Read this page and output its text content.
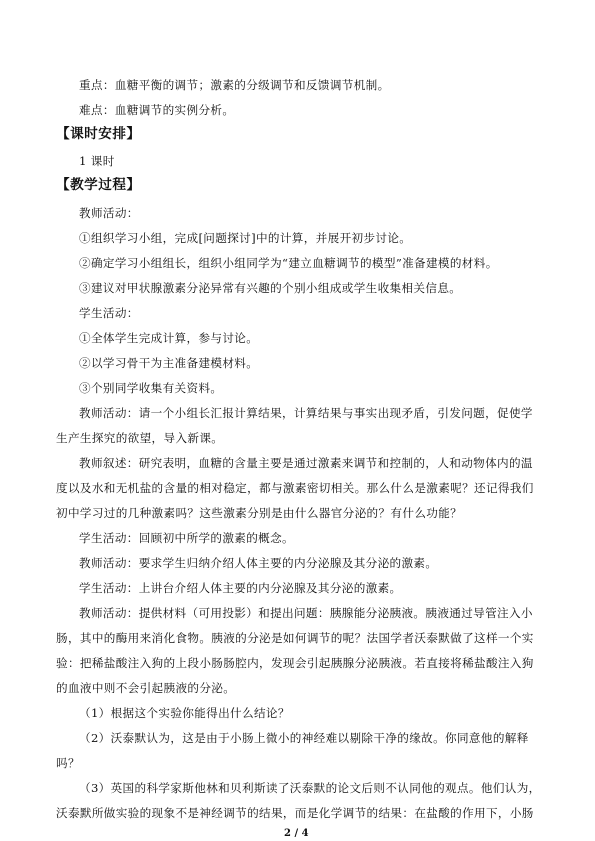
重点：血糖平衡的调节；激素的分级调节和反馈调节机制。
难点：血糖调节的实例分析。
【课时安排】
1 课时
【教学过程】
教师活动：
①组织学习小组，完成[问题探讨]中的计算，并展开初步讨论。
②确定学习小组组长，组织小组同学为“建立血糖调节的模型”准备建模的材料。
③建议对甲状腺激素分泌异常有兴趣的个别小组成或学生收集相关信息。
学生活动：
①全体学生完成计算，参与讨论。
②以学习骨干为主准备建模材料。
③个别同学收集有关资料。
教师活动：请一个小组长汇报计算结果，计算结果与事实出现矛盾，引发问题，促使学
生产生探究的欲望，导入新课。
教师叙述：研究表明，血糖的含量主要是通过激素来调节和控制的，人和动物体内的温
度以及水和无机盐的含量的相对稳定，都与激素密切相关。那么什么是激素呢？还记得我们
初中学习过的几种激素吗？这些激素分别是由什么器官分泌的？有什么功能？
学生活动：回顾初中所学的激素的概念。
教师活动：要求学生归纳介绍人体主要的内分泌腺及其分泌的激素。
学生活动：上讲台介绍人体主要的内分泌腺及其分泌的激素。
教师活动：提供材料（可用投影）和提出问题：胰腺能分泌胰液。胰液通过导管注入小
肠，其中的酶用来消化食物。胰液的分泌是如何调节的呢？法国学者沃泰默做了这样一个实
验：把稀盐酸注入狗的上段小肠肠腔内，发现会引起胰腺分泌胰液。若直接将稀盐酸注入狗
的血液中则不会引起胰液的分泌。
（1）根据这个实验你能得出什么结论？
（2）沃泰默认为，这是由于小肠上微小的神经难以剔除干净的缘故。你同意他的解释
吗？
（3）英国的科学家斯他林和贝利斯读了沃泰默的论文后则不认同他的观点。他们认为，
沃泰默所做实验的现象不是神经调节的结果，而是化学调节的结果：在盐酸的作用下，小肠
2 / 4
